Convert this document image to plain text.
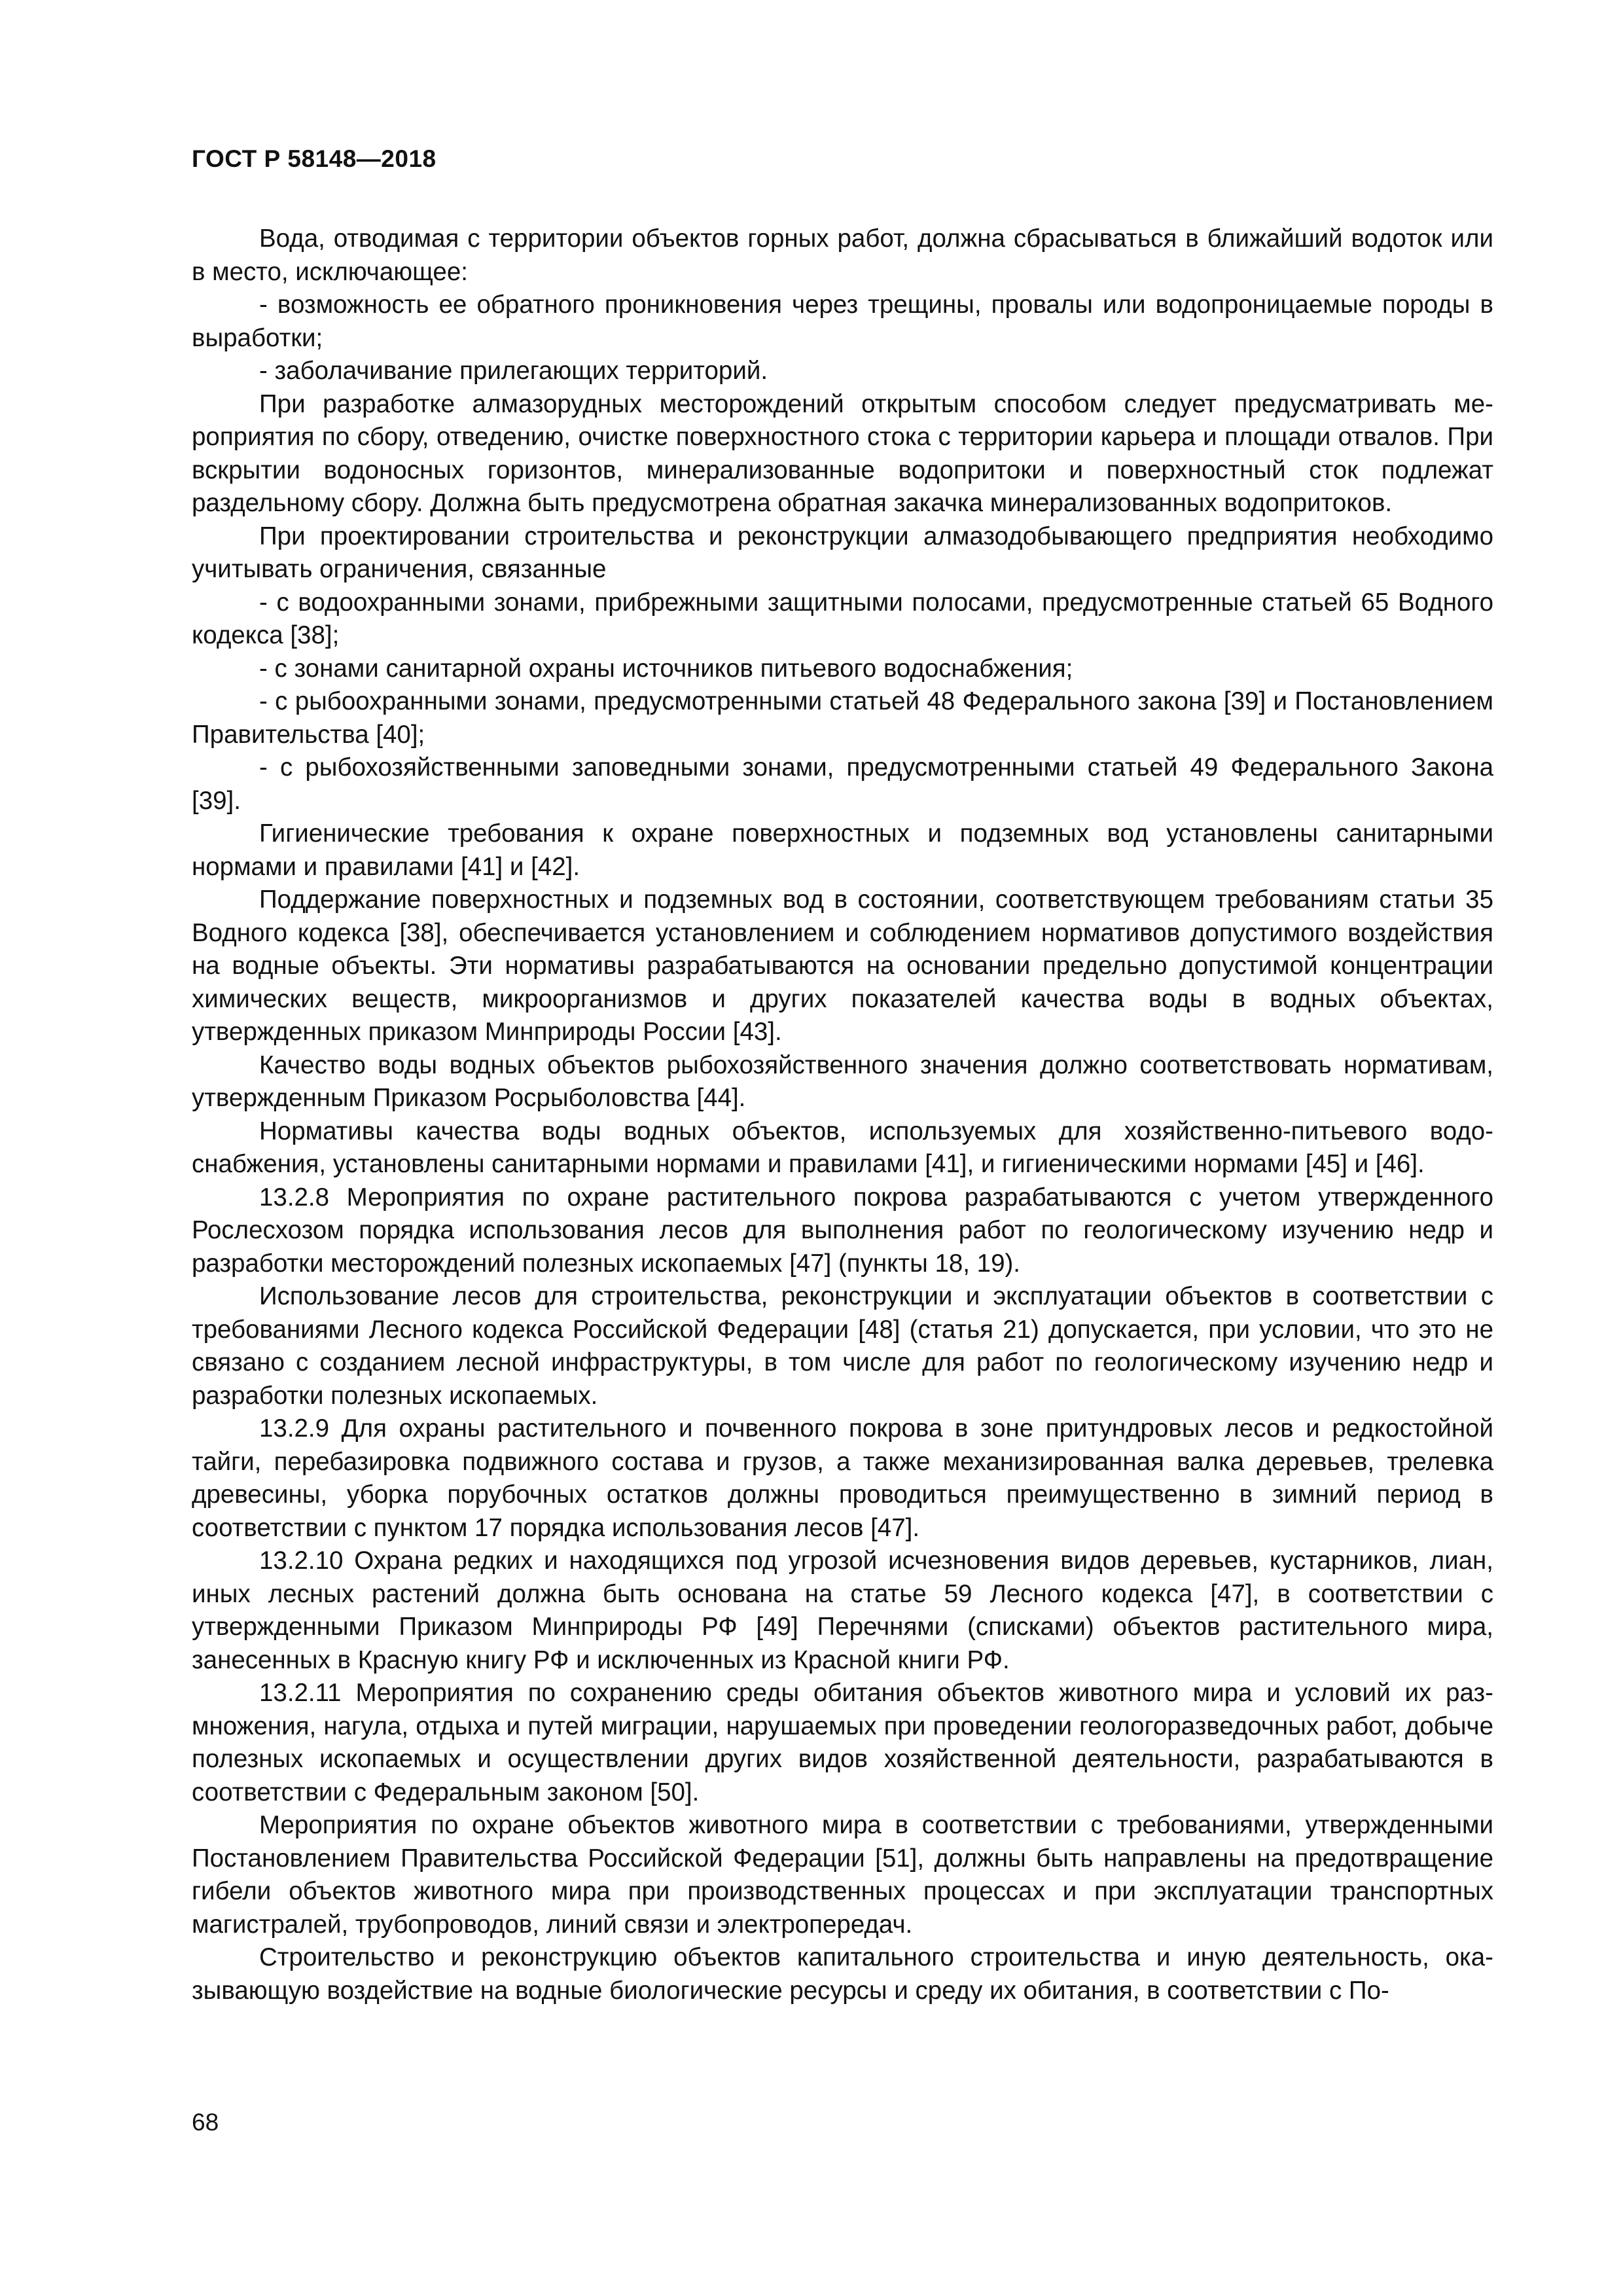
ГОСТ Р 58148—2018

Вода, отводимая с территории объектов горных работ, должна сбрасываться в ближайший водоток или в место, исключающее:

- возможность ее обратного проникновения через трещины, провалы или водопроницаемые породы в выработки;

- заболачивание прилегающих территорий.

При разработке алмазорудных месторождений открытым способом следует предусматривать мероприятия по сбору, отведению, очистке поверхностного стока с территории карьера и площади отвалов. При вскрытии водоносных горизонтов, минерализованные водопритоки и поверхностный сток подлежат раздельному сбору. Должна быть предусмотрена обратная закачка минерализованных водопритоков.

При проектировании строительства и реконструкции алмазодобывающего предприятия необходимо учитывать ограничения, связанные

- с водоохранными зонами, прибрежными защитными полосами, предусмотренные статьей 65 Водного кодекса [38];

- с зонами санитарной охраны источников питьевого водоснабжения;

- с рыбоохранными зонами, предусмотренными статьей 48 Федерального закона [39] и Постановлением Правительства [40];

- с рыбохозяйственными заповедными зонами, предусмотренными статьей 49 Федерального Закона [39].

Гигиенические требования к охране поверхностных и подземных вод установлены санитарными нормами и правилами [41] и [42].

Поддержание поверхностных и подземных вод в состоянии, соответствующем требованиям статьи 35 Водного кодекса [38], обеспечивается установлением и соблюдением нормативов допустимого воздействия на водные объекты. Эти нормативы разрабатываются на основании предельно допустимой концентрации химических веществ, микроорганизмов и других показателей качества воды в водных объектах, утвержденных приказом Минприроды России [43].

Качество воды водных объектов рыбохозяйственного значения должно соответствовать нормативам, утвержденным Приказом Росрыболовства [44].

Нормативы качества воды водных объектов, используемых для хозяйственно-питьевого водоснабжения, установлены санитарными нормами и правилами [41], и гигиеническими нормами [45] и [46].

13.2.8 Мероприятия по охране растительного покрова разрабатываются с учетом утвержденного Рослесхозом порядка использования лесов для выполнения работ по геологическому изучению недр и разработки месторождений полезных ископаемых [47] (пункты 18, 19).

Использование лесов для строительства, реконструкции и эксплуатации объектов в соответствии с требованиями Лесного кодекса Российской Федерации [48] (статья 21) допускается, при условии, что это не связано с созданием лесной инфраструктуры, в том числе для работ по геологическому изучению недр и разработки полезных ископаемых.

13.2.9 Для охраны растительного и почвенного покрова в зоне притундровых лесов и редкостойной тайги, перебазировка подвижного состава и грузов, а также механизированная валка деревьев, трелевка древесины, уборка порубочных остатков должны проводиться преимущественно в зимний период в соответствии с пунктом 17 порядка использования лесов [47].

13.2.10 Охрана редких и находящихся под угрозой исчезновения видов деревьев, кустарников, лиан, иных лесных растений должна быть основана на статье 59 Лесного кодекса [47], в соответствии с утвержденными Приказом Минприроды РФ [49] Перечнями (списками) объектов растительного мира, занесенных в Красную книгу РФ и исключенных из Красной книги РФ.

13.2.11 Мероприятия по сохранению среды обитания объектов животного мира и условий их размножения, нагула, отдыха и путей миграции, нарушаемых при проведении геологоразведочных работ, добыче полезных ископаемых и осуществлении других видов хозяйственной деятельности, разрабатываются в соответствии с Федеральным законом [50].

Мероприятия по охране объектов животного мира в соответствии с требованиями, утвержденными Постановлением Правительства Российской Федерации [51], должны быть направлены на предотвращение гибели объектов животного мира при производственных процессах и при эксплуатации транспортных магистралей, трубопроводов, линий связи и электропередач.

Строительство и реконструкцию объектов капитального строительства и иную деятельность, оказывающую воздействие на водные биологические ресурсы и среду их обитания, в соответствии с По-

68
